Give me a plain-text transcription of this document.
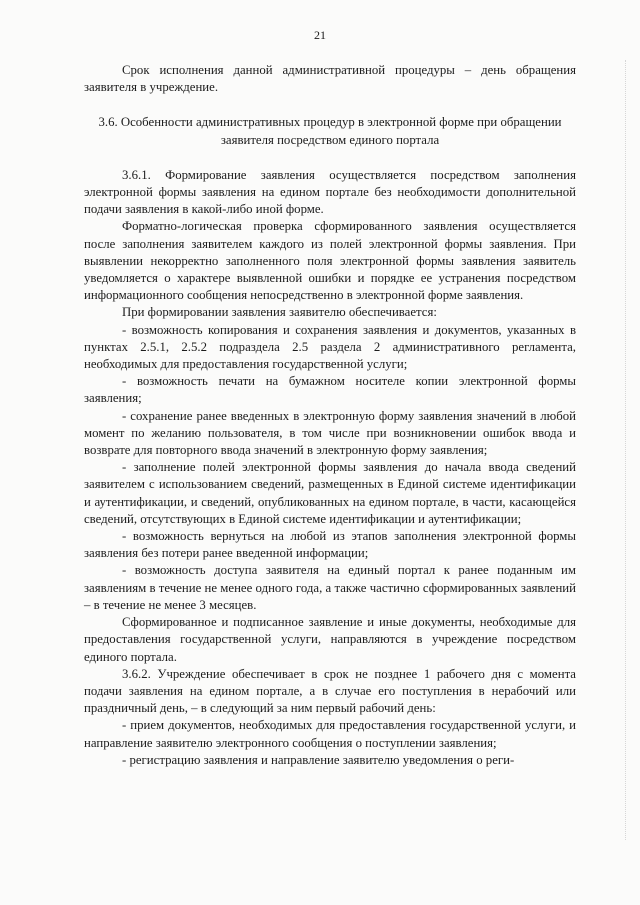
21

Срок исполнения данной административной процедуры – день обращения заявителя в учреждение.

3.6. Особенности административных процедур в электронной форме при обращении заявителя посредством единого портала

3.6.1. Формирование заявления осуществляется посредством заполнения электронной формы заявления на едином портале без необходимости дополнительной подачи заявления в какой-либо иной форме.

Форматно-логическая проверка сформированного заявления осуществляется после заполнения заявителем каждого из полей электронной формы заявления. При выявлении некорректно заполненного поля электронной формы заявления заявитель уведомляется о характере выявленной ошибки и порядке ее устранения посредством информационного сообщения непосредственно в электронной форме заявления.

При формировании заявления заявителю обеспечивается:

- возможность копирования и сохранения заявления и документов, указанных в пунктах 2.5.1, 2.5.2 подраздела 2.5 раздела 2 административного регламента, необходимых для предоставления государственной услуги;

- возможность печати на бумажном носителе копии электронной формы заявления;

- сохранение ранее введенных в электронную форму заявления значений в любой момент по желанию пользователя, в том числе при возникновении ошибок ввода и возврате для повторного ввода значений в электронную форму заявления;

- заполнение полей электронной формы заявления до начала ввода сведений заявителем с использованием сведений, размещенных в Единой системе идентификации и аутентификации, и сведений, опубликованных на едином портале, в части, касающейся сведений, отсутствующих в Единой системе идентификации и аутентификации;

- возможность вернуться на любой из этапов заполнения электронной формы заявления без потери ранее введенной информации;

- возможность доступа заявителя на единый портал к ранее поданным им заявлениям в течение не менее одного года, а также частично сформированных заявлений – в течение не менее 3 месяцев.

Сформированное и подписанное заявление и иные документы, необходимые для предоставления государственной услуги, направляются в учреждение посредством единого портала.

3.6.2. Учреждение обеспечивает в срок не позднее 1 рабочего дня с момента подачи заявления на едином портале, а в случае его поступления в нерабочий или праздничный день, – в следующий за ним первый рабочий день:

- прием документов, необходимых для предоставления государственной услуги, и направление заявителю электронного сообщения о поступлении заявления;

- регистрацию заявления и направление заявителю уведомления о реги-
